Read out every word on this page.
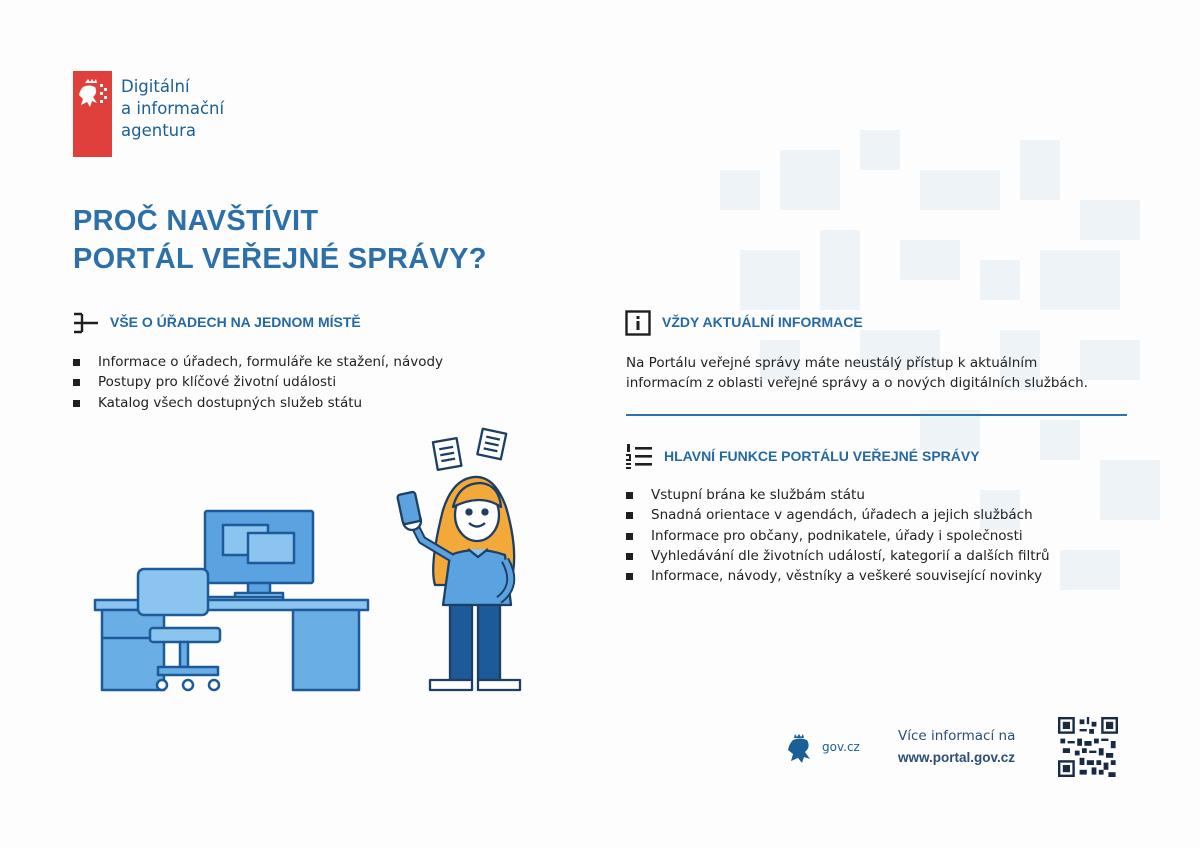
Digitální
a informační
agentura
PROČ NAVŠTÍVIT
PORTÁL VEŘEJNÉ SPRÁVY?
VŠE O ÚŘADECH NA JEDNOM MÍSTĚ
Informace o úřadech, formuláře ke stažení, návody
Postupy pro klíčové životní události
Katalog všech dostupných služeb státu
VŽDY AKTUÁLNÍ INFORMACE
Na Portálu veřejné správy máte neustálý přístup k aktuálním
informacím z oblasti veřejné správy a o nových digitálních službách.
HLAVNÍ FUNKCE PORTÁLU VEŘEJNÉ SPRÁVY
Vstupní brána ke službám státu
Snadná orientace v agendách, úřadech a jejich službách
Informace pro občany, podnikatele, úřady i společnosti
Vyhledávání dle životních událostí, kategorií a dalších filtrů
Informace, návody, věstníky a veškeré související novinky
gov.cz
Více informací na
www.portal.gov.cz
